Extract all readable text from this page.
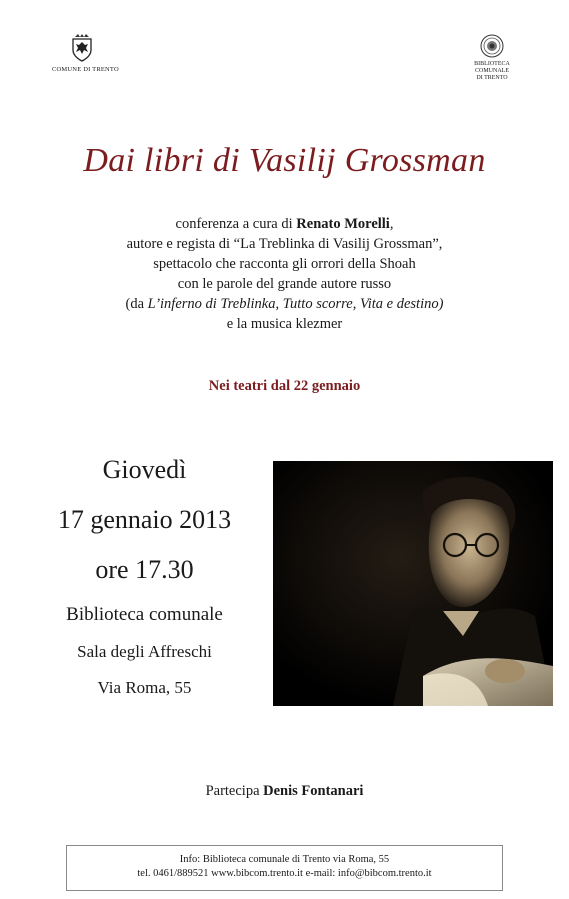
COMUNE DI TRENTO
BIBLIOTECA
COMUNALE
DI TRENTO
Dai libri di Vasilij Grossman
conferenza a cura di Renato Morelli,
autore e regista di “La Treblinka di Vasilij Grossman”,
spettacolo che racconta gli orrori della Shoah
con le parole del grande autore russo
(da L’inferno di Treblinka, Tutto scorre, Vita e destino)
e la musica klezmer
Nei teatri dal 22 gennaio
Giovedì
17 gennaio 2013
ore 17.30
Biblioteca comunale
Sala degli Affreschi
Via Roma, 55
Partecipa Denis Fontanari
Info: Biblioteca comunale di Trento via Roma, 55
tel. 0461/889521 www.bibcom.trento.it e-mail: info@bibcom.trento.it
